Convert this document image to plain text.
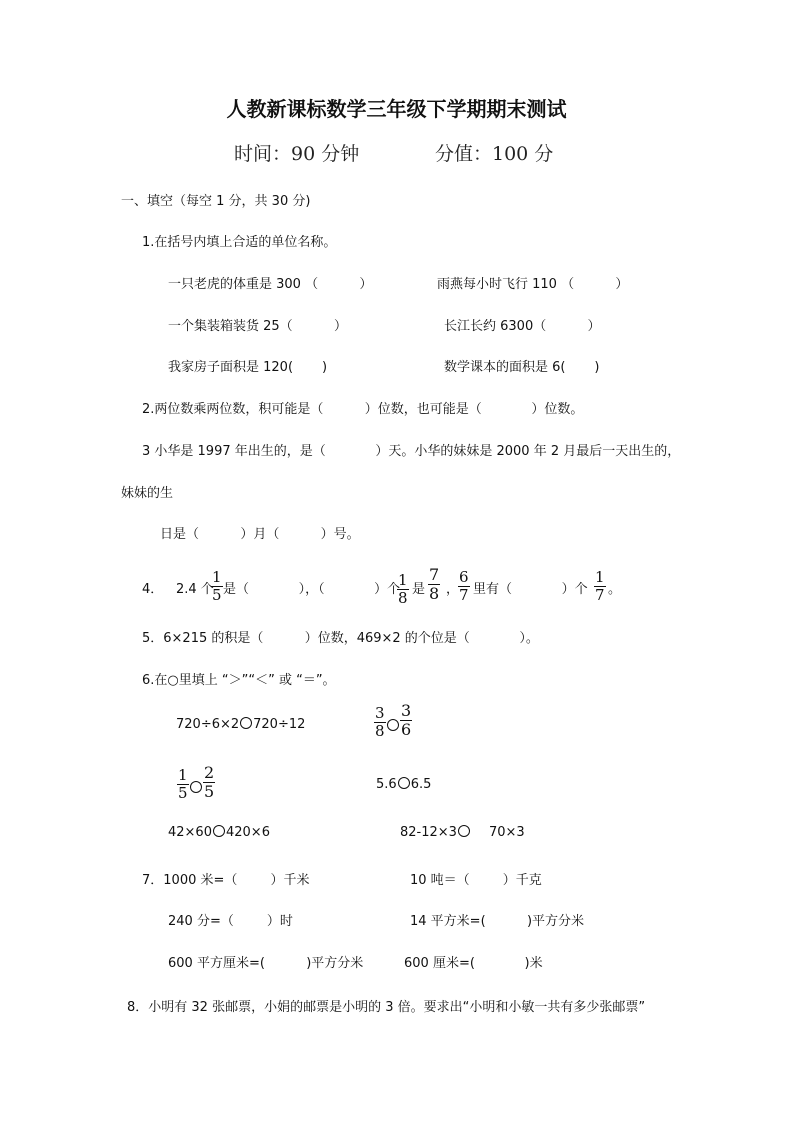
人教新课标数学三年级下学期期末测试
时间：90 分钟	分值：100 分
一、填空（每空 1 分，共 30 分)
1.在括号内填上合适的单位名称。
一只老虎的体重是 300 （          ）	雨燕每小时飞行 110 （          ）
一个集装箱装货 25（          ）	长江长约 6300（          ）
我家房子面积是 120(       )	数学课本的面积是 6(       )
2.两位数乘两位数，积可能是（          ）位数，也可能是（            ）位数。
3 小华是 1997 年出生的，是（            ）天。小华的妹妹是 2000 年 2 月最后一天出生的，
妹妹的生
日是（          ）月（          ）号。
4． 2.4 个
$\frac{1}{5}$ 是（            ），（            ）个
$\frac{1}{8}$ 是 $\frac{7}{8}$ ，
$\frac{6}{7}$ 里有（            ）个 $\frac{1}{7}$ 。
5．6×215 的积是（          ）位数，469×2 的个位是（            ）。
6.在○里填上 “＞”“＜” 或 “＝”。
720÷6×2 720÷12	$\frac{3}{8} \frac{3}{6}$
$\frac{1}{5} \frac{2}{5}$	5.6 6.5
42×60 420×6	82-12×3 70×3
7．1000 米=（        ）千米	10 吨＝（        ）千克
240 分=（        ）时	14 平方米=(          )平方分米
600 平方厘米=(          )平方分米	600 厘米=(            )米
8．小明有 32 张邮票，小娟的邮票是小明的 3 倍。要求出“小明和小敏一共有多少张邮票”
